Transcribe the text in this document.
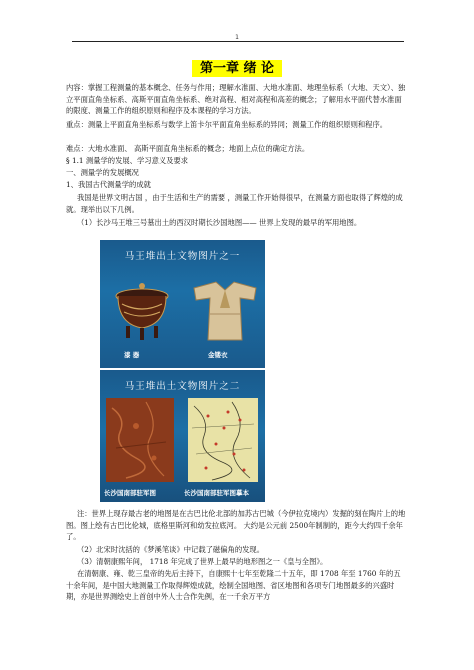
1
第一章 绪 论
内容：掌握工程测量的基本概念、任务与作用；理解水准面、大地水准面、地理坐标系（大地、天文）、独立平面直角坐标系、高斯平面直角坐标系、绝对高程、相对高程和高差的概念；了解用水平面代替水准面的限度、测量工作的组织原则和程序及本课程的学习方法。
重点：测量上平面直角坐标系与数学上笛卡尔平面直角坐标系的异同；测量工作的组织原则和程序。
难点：大地水准面、 高斯平面直角坐标系的概念；地面上点位的确定方法。
§ 1.1 测量学的发展、学习意义及要求
一、测量学的发展概况
1、我国古代测量学的成就
我国是世界文明古国 ，由于生活和生产的需要 ，测量工作开始得很早，在测量方面也取得了辉煌的成就。现举出以下几例。
（1）长沙马王堆三号墓出土的西汉时期长沙国地图—— 世界上发现的最早的军用地图。
马王堆出土文物图片之一
漆 器	金镂衣
马王堆出土文物图片之二
长沙国南部驻军图	长沙国南部驻军图摹本
注：世界上现存最古老的地图是在古巴比伦北部的加苏古巴城（今伊拉克境内）发掘的刻在陶片上的地图。图上绘有古巴比伦城，底格里斯河和幼发拉底河。 大约是公元前 2500年制制的，距今大约四千余年了。
（2）北宋时沈括的《梦溪笔谈》中记载了磁偏角的发现。
（3）清朝康熙年间， 1718 年完成了世界上最早的地形图之一《皇与全图》。
在清朝康、雍、乾三皇帝的先后主持下，自康熙十七年至乾隆二十五年，即 1708 年至 1760 年的五十余年间，是中国大地测量工作取得辉煌成就，绘制全国地图、省区地图和各项专门地图最多的兴盛时期，亦是世界测绘史上首创中外人士合作先例，在一千余万平方
